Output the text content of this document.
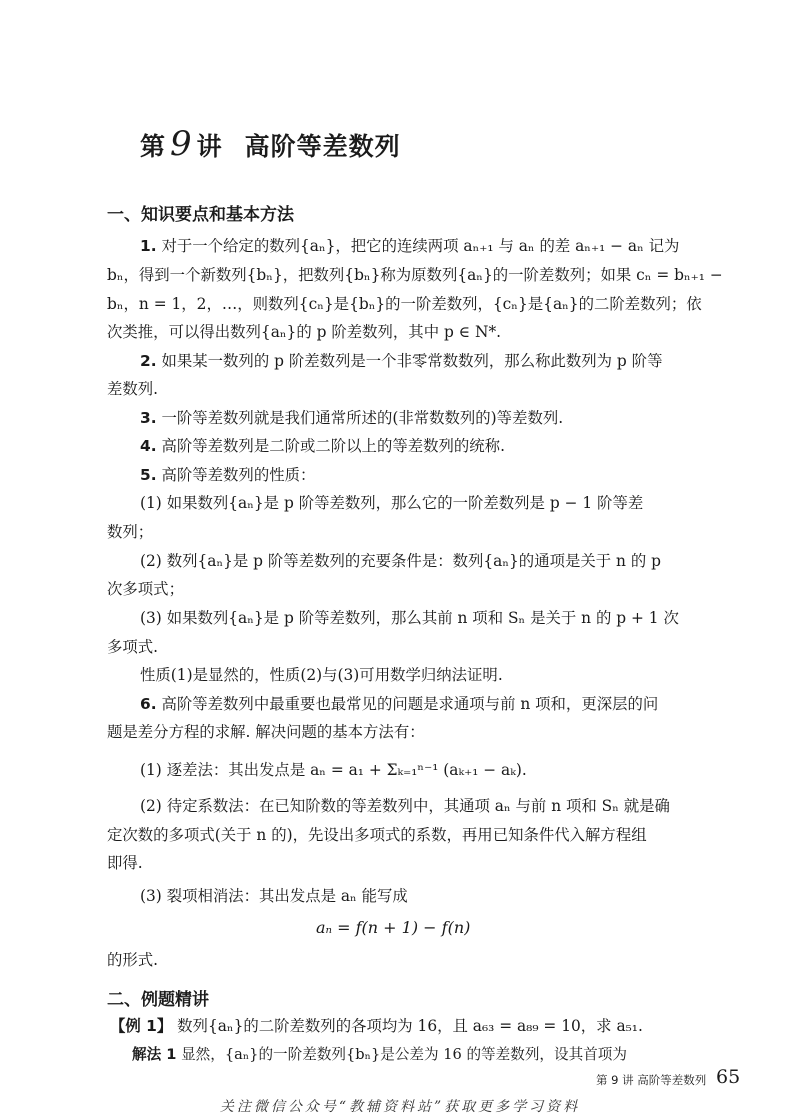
第 9 讲 高阶等差数列
一、知识要点和基本方法
1. 对于一个给定的数列{aₙ}，把它的连续两项 aₙ₊₁ 与 aₙ 的差 aₙ₊₁ − aₙ 记为
bₙ，得到一个新数列{bₙ}，把数列{bₙ}称为原数列{aₙ}的一阶差数列；如果 cₙ = bₙ₊₁ −
bₙ，n = 1，2，…，则数列{cₙ}是{bₙ}的一阶差数列，{cₙ}是{aₙ}的二阶差数列；依
次类推，可以得出数列{aₙ}的 p 阶差数列，其中 p ∈ N*.
2. 如果某一数列的 p 阶差数列是一个非零常数数列，那么称此数列为 p 阶等
差数列.
3. 一阶等差数列就是我们通常所述的(非常数数列的)等差数列.
4. 高阶等差数列是二阶或二阶以上的等差数列的统称.
5. 高阶等差数列的性质：
(1) 如果数列{aₙ}是 p 阶等差数列，那么它的一阶差数列是 p − 1 阶等差
数列；
(2) 数列{aₙ}是 p 阶等差数列的充要条件是：数列{aₙ}的通项是关于 n 的 p
次多项式；
(3) 如果数列{aₙ}是 p 阶等差数列，那么其前 n 项和 Sₙ 是关于 n 的 p + 1 次
多项式.
性质(1)是显然的，性质(2)与(3)可用数学归纳法证明.
6. 高阶等差数列中最重要也最常见的问题是求通项与前 n 项和，更深层的问
题是差分方程的求解. 解决问题的基本方法有：
(1) 逐差法：其出发点是 aₙ = a₁ + Σₖ₌₁ⁿ⁻¹ (aₖ₊₁ − aₖ).
(2) 待定系数法：在已知阶数的等差数列中，其通项 aₙ 与前 n 项和 Sₙ 就是确
定次数的多项式(关于 n 的)，先设出多项式的系数，再用已知条件代入解方程组
即得.
(3) 裂项相消法：其出发点是 aₙ 能写成
aₙ = f(n + 1) − f(n)
的形式.
二、例题精讲
【例 1】 数列{aₙ}的二阶差数列的各项均为 16，且 a₆₃ = a₈₉ = 10，求 a₅₁.
解法 1 显然，{aₙ}的一阶差数列{bₙ}是公差为 16 的等差数列，设其首项为
第 9 讲 高阶等差数列 65
关注微信公众号“教辅资料站”获取更多学习资料
